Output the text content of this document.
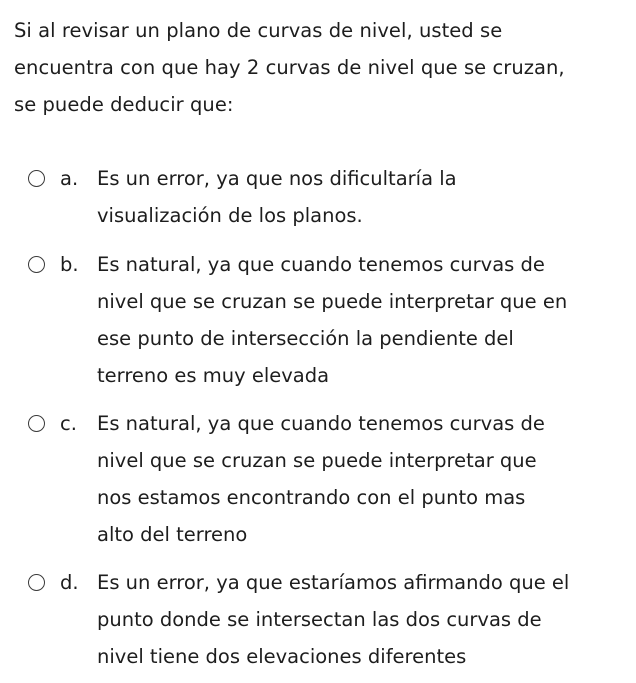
Si al revisar un plano de curvas de nivel, usted se
encuentra con que hay 2 curvas de nivel que se cruzan,
se puede deducir que:
a. Es un error, ya que nos dificultaría la
visualización de los planos.
b. Es natural, ya que cuando tenemos curvas de
nivel que se cruzan se puede interpretar que en
ese punto de intersección la pendiente del
terreno es muy elevada
c. Es natural, ya que cuando tenemos curvas de
nivel que se cruzan se puede interpretar que
nos estamos encontrando con el punto mas
alto del terreno
d. Es un error, ya que estaríamos afirmando que el
punto donde se intersectan las dos curvas de
nivel tiene dos elevaciones diferentes
